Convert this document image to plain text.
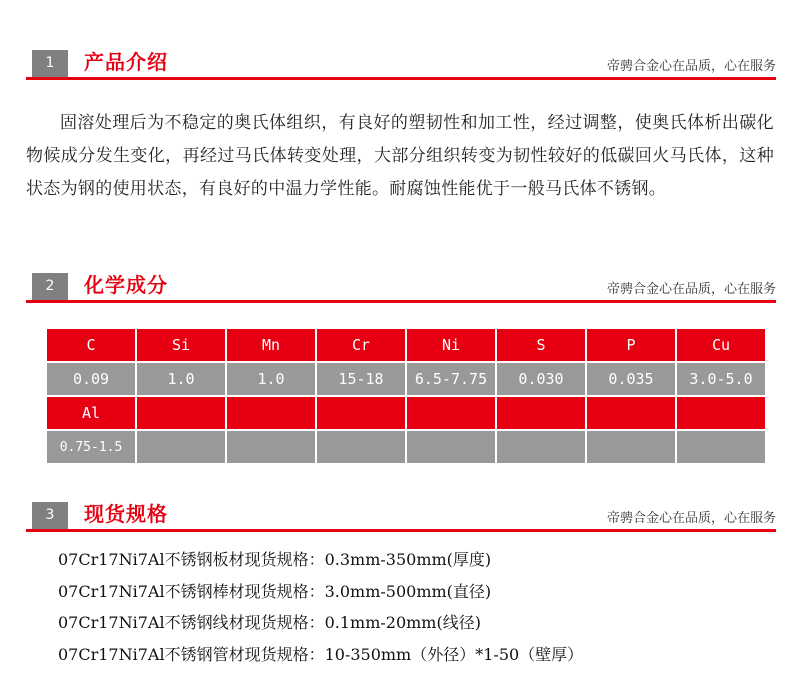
1	产品介绍	帝骋合金心在品质，心在服务

固溶处理后为不稳定的奥氏体组织，有良好的塑韧性和加工性，经过调整，使奥氏体析出碳化物候成分发生变化，再经过马氏体转变处理，大部分组织转变为韧性较好的低碳回火马氏体，这种状态为钢的使用状态，有良好的中温力学性能。耐腐蚀性能优于一般马氏体不锈钢。

2	化学成分	帝骋合金心在品质，心在服务
C	Si	Mn	Cr	Ni	S	P	Cu
0.09	1.0	1.0	15-18	6.5-7.75	0.030	0.035	3.0-5.0
Al							
0.75-1.5							
3	现货规格	帝骋合金心在品质，心在服务
07Cr17Ni7Al不锈钢板材现货规格：0.3mm-350mm(厚度)
07Cr17Ni7Al不锈钢棒材现货规格：3.0mm-500mm(直径)
07Cr17Ni7Al不锈钢线材现货规格：0.1mm-20mm(线径)
07Cr17Ni7Al不锈钢管材现货规格：10-350mm（外径）*1-50（壁厚）
